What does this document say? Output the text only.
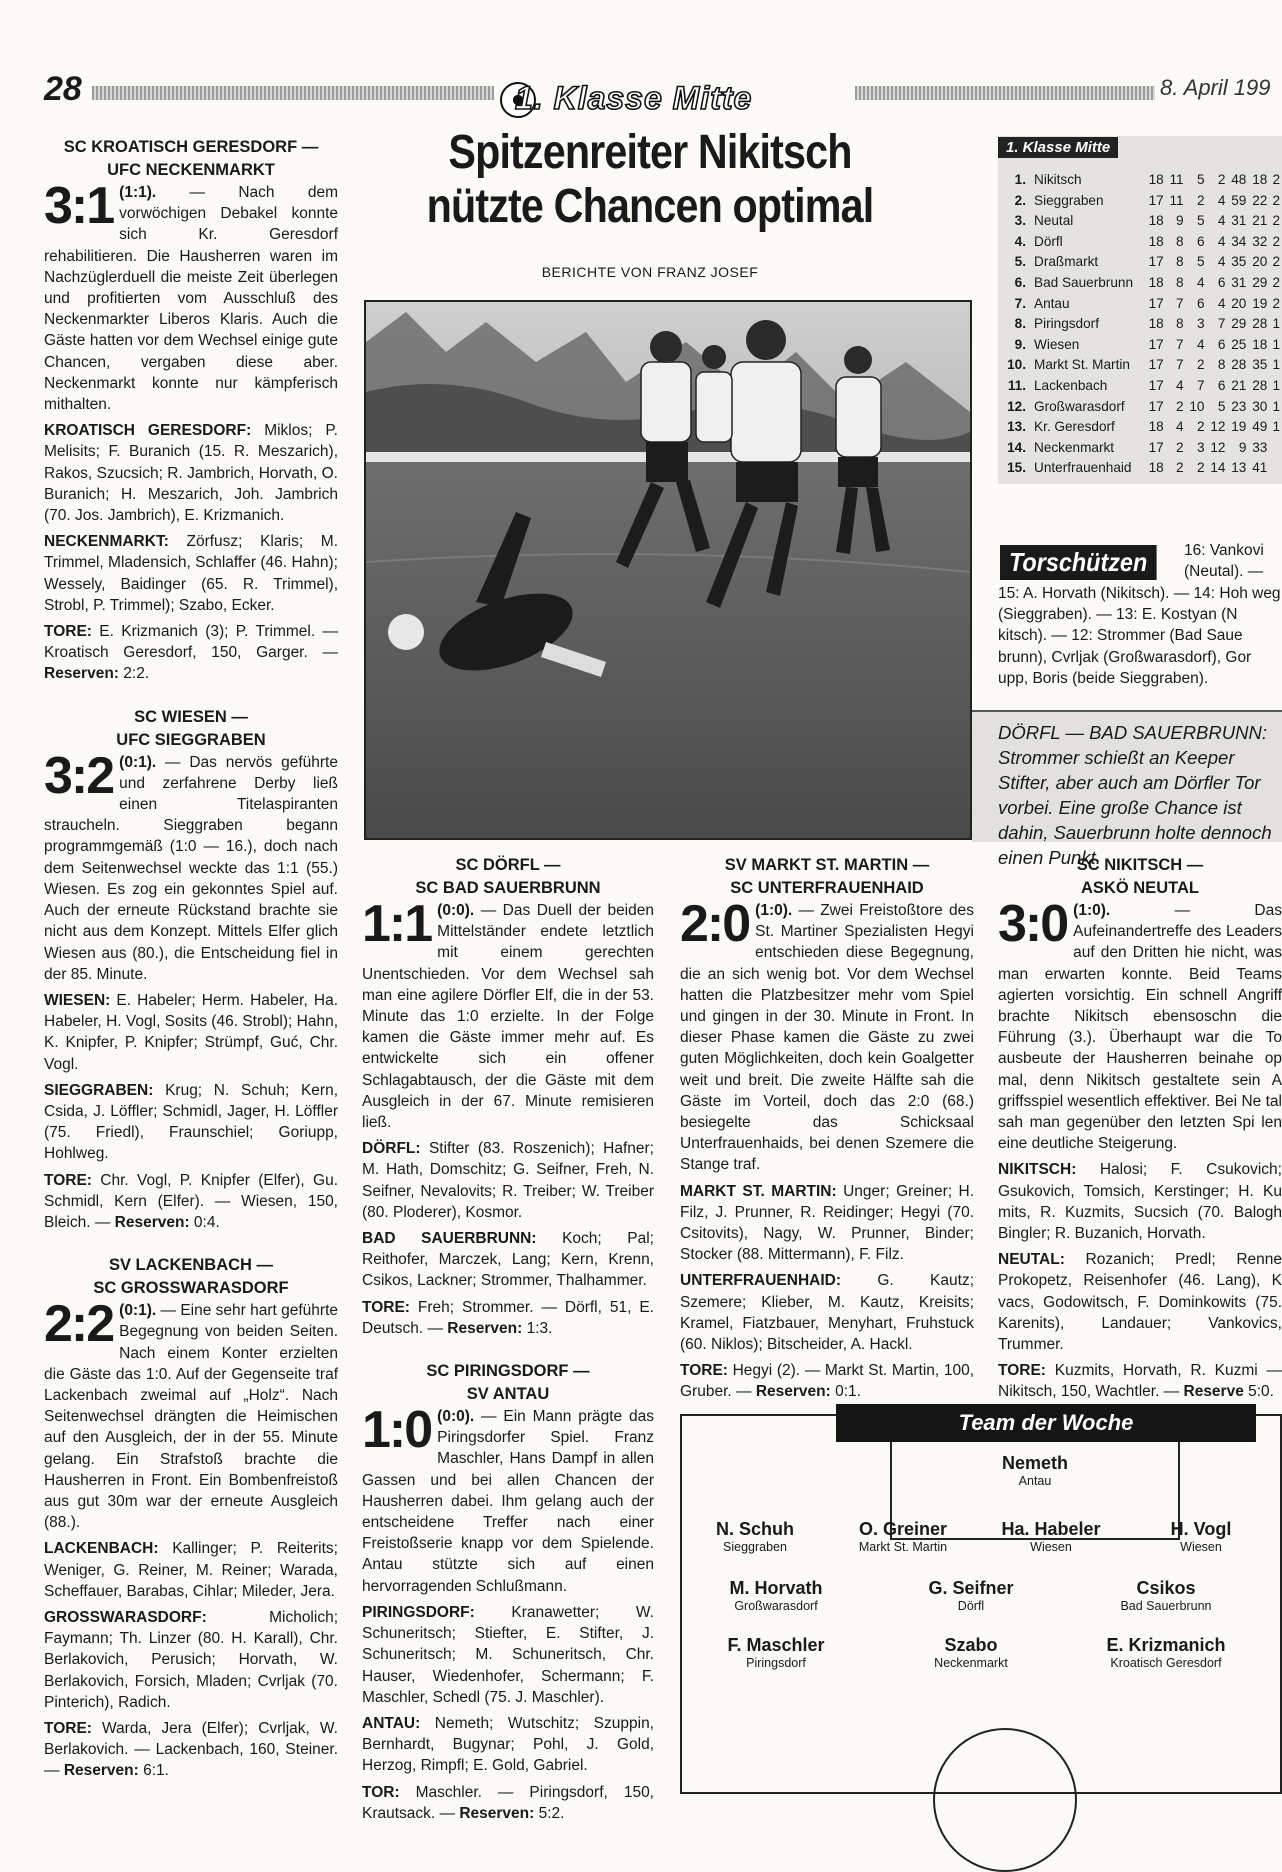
28	1. Klasse Mitte	8. April 199
Spitzenreiter Nikitsch
nützte Chancen optimal
BERICHTE VON FRANZ JOSEF

SC KROATISCH GERESDORF —

UFC NECKENMARKT

3:1 (1:1). — Nach dem vorwöchigen Debakel konnte sich Kr. Geresdorf rehabilitieren. Die Hausherren waren im Nachzüglerduell die meiste Zeit überlegen und profitierten vom Ausschluß des Neckenmarkter Liberos Klaris. Auch die Gäste hatten vor dem Wechsel einige gute Chancen, vergaben diese aber. Neckenmarkt konnte nur kämpferisch mithalten.

KROATISCH GERESDORF: Miklos; P. Melisits; F. Buranich (15. R. Meszarich), Rakos, Szucsich; R. Jambrich, Horvath, O. Buranich; H. Meszarich, Joh. Jambrich (70. Jos. Jambrich), E. Krizmanich.

NECKENMARKT: Zörfusz; Klaris; M. Trimmel, Mladensich, Schlaffer (46. Hahn); Wessely, Baidinger (65. R. Trimmel), Strobl, P. Trimmel); Szabo, Ecker.

TORE: E. Krizmanich (3); P. Trimmel. — Kroatisch Geresdorf, 150, Garger. — Reserven: 2:2.

SC WIESEN —

UFC SIEGGRABEN

3:2 (0:1). — Das nervös geführte und zerfahrene Derby ließ einen Titelaspiranten straucheln. Sieggraben begann programmgemäß (1:0 — 16.), doch nach dem Seitenwechsel weckte das 1:1 (55.) Wiesen. Es zog ein gekonntes Spiel auf. Auch der erneute Rückstand brachte sie nicht aus dem Konzept. Mittels Elfer glich Wiesen aus (80.), die Entscheidung fiel in der 85. Minute.

WIESEN: E. Habeler; Herm. Habeler, Ha. Habeler, H. Vogl, Sosits (46. Strobl); Hahn, K. Knipfer, P. Knipfer; Strümpf, Guć, Chr. Vogl.

SIEGGRABEN: Krug; N. Schuh; Kern, Csida, J. Löffler; Schmidl, Jager, H. Löffler (75. Friedl), Fraunschiel; Goriupp, Hohlweg.

TORE: Chr. Vogl, P. Knipfer (Elfer), Gu. Schmidl, Kern (Elfer). — Wiesen, 150, Bleich. — Reserven: 0:4.

SV LACKENBACH —

SC GROSSWARASDORF

2:2 (0:1). — Eine sehr hart geführte Begegnung von beiden Seiten. Nach einem Konter erzielten die Gäste das 1:0. Auf der Gegenseite traf Lackenbach zweimal auf „Holz“. Nach Seitenwechsel drängten die Heimischen auf den Ausgleich, der in der 55. Minute gelang. Ein Strafstoß brachte die Hausherren in Front. Ein Bombenfreistoß aus gut 30m war der erneute Ausgleich (88.).

LACKENBACH: Kallinger; P. Reiterits; Weniger, G. Reiner, M. Reiner; Warada, Scheffauer, Barabas, Cihlar; Mileder, Jera.

GROSSWARASDORF: Micholich; Faymann; Th. Linzer (80. H. Karall), Chr. Berlakovich, Perusich; Horvath, W. Berlakovich, Forsich, Mladen; Cvrljak (70. Pinterich), Radich.

TORE: Warda, Jera (Elfer); Cvrljak, W. Berlakovich. — Lackenbach, 160, Steiner. — Reserven: 6:1.

SC DÖRFL —

SC BAD SAUERBRUNN

1:1 (0:0). — Das Duell der beiden Mittelständer endete letztlich mit einem gerechten Unentschieden. Vor dem Wechsel sah man eine agilere Dörfler Elf, die in der 53. Minute das 1:0 erzielte. In der Folge kamen die Gäste immer mehr auf. Es entwickelte sich ein offener Schlagabtausch, der die Gäste mit dem Ausgleich in der 67. Minute remisieren ließ.

DÖRFL: Stifter (83. Roszenich); Hafner; M. Hath, Domschitz; G. Seifner, Freh, N. Seifner, Nevalovits; R. Treiber; W. Treiber (80. Ploderer), Kosmor.

BAD SAUERBRUNN: Koch; Pal; Reithofer, Marczek, Lang; Kern, Krenn, Csikos, Lackner; Strommer, Thalhammer.

TORE: Freh; Strommer. — Dörfl, 51, E. Deutsch. — Reserven: 1:3.

SC PIRINGSDORF —

SV ANTAU

1:0 (0:0). — Ein Mann prägte das Piringsdorfer Spiel. Franz Maschler, Hans Dampf in allen Gassen und bei allen Chancen der Hausherren dabei. Ihm gelang auch der entscheidene Treffer nach einer Freistoßserie knapp vor dem Spielende. Antau stützte sich auf einen hervorragenden Schlußmann.

PIRINGSDORF: Kranawetter; W. Schuneritsch; Stiefter, E. Stifter, J. Schuneritsch; M. Schuneritsch, Chr. Hauser, Wiedenhofer, Schermann; F. Maschler, Schedl (75. J. Maschler).

ANTAU: Nemeth; Wutschitz; Szuppin, Bernhardt, Bugynar; Pohl, J. Gold, Herzog, Rimpfl; E. Gold, Gabriel.

TOR: Maschler. — Piringsdorf, 150, Krautsack. — Reserven: 5:2.

SV MARKT ST. MARTIN —

SC UNTERFRAUENHAID

2:0 (1:0). — Zwei Freistoßtore des St. Martiner Spezialisten Hegyi entschieden diese Begegnung, die an sich wenig bot. Vor dem Wechsel hatten die Platzbesitzer mehr vom Spiel und gingen in der 30. Minute in Front. In dieser Phase kamen die Gäste zu zwei guten Möglichkeiten, doch kein Goalgetter weit und breit. Die zweite Hälfte sah die Gäste im Vorteil, doch das 2:0 (68.) besiegelte das Schicksaal Unterfrauenhaids, bei denen Szemere die Stange traf.

MARKT ST. MARTIN: Unger; Greiner; H. Filz, J. Prunner, R. Reidinger; Hegyi (70. Csitovits), Nagy, W. Prunner, Binder; Stocker (88. Mittermann), F. Filz.

UNTERFRAUENHAID: G. Kautz; Szemere; Klieber, M. Kautz, Kreisits; Kramel, Fiatzbauer, Menyhart, Fruhstuck (60. Niklos); Bitscheider, A. Hackl.

TORE: Hegyi (2). — Markt St. Martin, 100, Gruber. — Reserven: 0:1.

SC NIKITSCH —

ASKÖ NEUTAL

3:0 (1:0). — Das Aufeinandertreffe des Leaders auf den Dritten hie nicht, was man erwarten konnte. Beid Teams agierten vorsichtig. Ein schnell Angriff brachte Nikitsch ebensoschn die Führung (3.). Überhaupt war die To ausbeute der Hausherren beinahe op mal, denn Nikitsch gestaltete sein A griffsspiel wesentlich effektiver. Bei Ne tal sah man gegenüber den letzten Spi len eine deutliche Steigerung.

NIKITSCH: Halosi; F. Csukovich; Gsukovich, Tomsich, Kerstinger; H. Ku mits, R. Kuzmits, Sucsich (70. Balogh Bingler; R. Buzanich, Horvath.

NEUTAL: Rozanich; Predl; Renne Prokopetz, Reisenhofer (46. Lang), K vacs, Godowitsch, F. Dominkowits (75. Karenits), Landauer; Vankovics, Trummer.

TORE: Kuzmits, Horvath, R. Kuzmi — Nikitsch, 150, Wachtler. — Reserve 5:0.

1. Klasse Mitte
1.	Nikitsch	18	11	5	2	48	18	2
2.	Sieggraben	17	11	2	4	59	22	2
3.	Neutal	18	9	5	4	31	21	2
4.	Dörfl	18	8	6	4	34	32	2
5.	Draßmarkt	17	8	5	4	35	20	2
6.	Bad Sauerbrunn	18	8	4	6	31	29	2
7.	Antau	17	7	6	4	20	19	2
8.	Piringsdorf	18	8	3	7	29	28	1
9.	Wiesen	17	7	4	6	25	18	1
10.	Markt St. Martin	17	7	2	8	28	35	1
11.	Lackenbach	17	4	7	6	21	28	1
12.	Großwarasdorf	17	2	10	5	23	30	1
13.	Kr. Geresdorf	18	4	2	12	19	49	1
14.	Neckenmarkt	17	2	3	12	9	33	
15.	Unterfrauenhaid	18	2	2	14	13	41	
Torschützen	16: Vankovi (Neutal). —
15: A. Horvath (Nikitsch). — 14: Hoh weg (Sieggraben). — 13: E. Kostyan (N kitsch). — 12: Strommer (Bad Saue brunn), Cvrljak (Großwarasdorf), Gor upp, Boris (beide Sieggraben).
DÖRFL — BAD SAUERBRUNN: Strommer schießt an Keeper Stifter, aber auch am Dörfler Tor vorbei. Eine große Chance ist dahin, Sauerbrunn holte dennoch einen Punkt.
Team der Woche
Nemeth
Antau
N. Schuh
Sieggraben
O. Greiner
Markt St. Martin
Ha. Habeler
Wiesen
H. Vogl
Wiesen
M. Horvath
Großwarasdorf
G. Seifner
Dörfl
Csikos
Bad Sauerbrunn
F. Maschler
Piringsdorf
Szabo
Neckenmarkt
E. Krizmanich
Kroatisch Geresdorf
